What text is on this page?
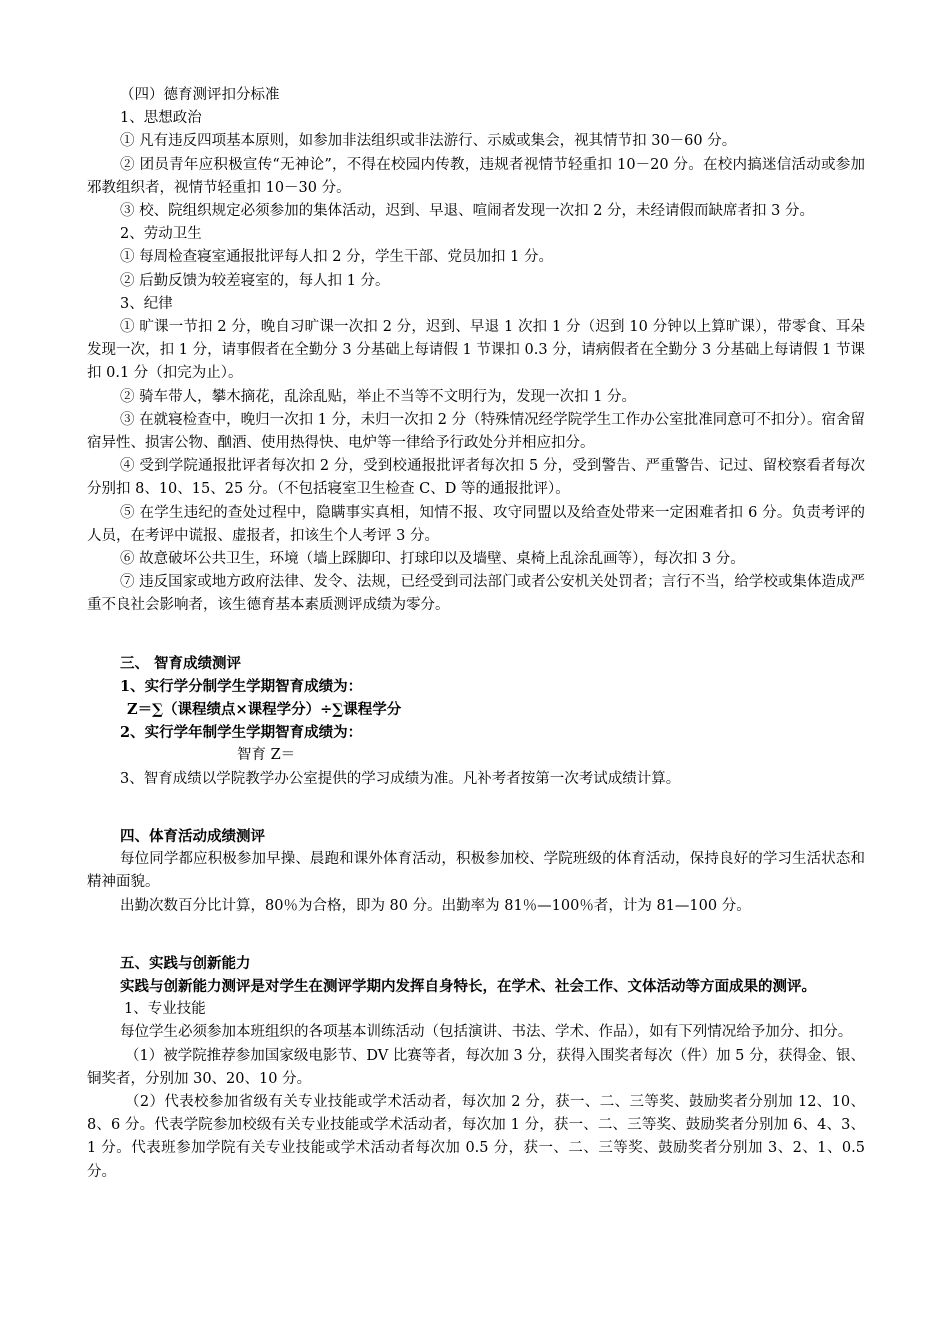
（四）德育测评扣分标准

1、思想政治

① 凡有违反四项基本原则，如参加非法组织或非法游行、示威或集会，视其情节扣 30－60 分。

② 团员青年应积极宣传“无神论”，不得在校园内传教，违规者视情节轻重扣 10－20 分。在校内搞迷信活动或参加邪教组织者，视情节轻重扣 10－30 分。

③ 校、院组织规定必须参加的集体活动，迟到、早退、喧闹者发现一次扣 2 分，未经请假而缺席者扣 3 分。

2、劳动卫生

① 每周检查寝室通报批评每人扣 2 分，学生干部、党员加扣 1 分。

② 后勤反馈为较差寝室的，每人扣 1 分。

3、纪律

① 旷课一节扣 2 分，晚自习旷课一次扣 2 分，迟到、早退 1 次扣 1 分（迟到 10 分钟以上算旷课），带零食、耳朵发现一次，扣 1 分，请事假者在全勤分 3 分基础上每请假 1 节课扣 0.3 分，请病假者在全勤分 3 分基础上每请假 1 节课扣 0.1 分（扣完为止）。

② 骑车带人，攀木摘花，乱涂乱贴，举止不当等不文明行为，发现一次扣 1 分。

③ 在就寝检查中，晚归一次扣 1 分，未归一次扣 2 分（特殊情况经学院学生工作办公室批准同意可不扣分）。宿舍留宿异性、损害公物、酗酒、使用热得快、电炉等一律给予行政处分并相应扣分。

④ 受到学院通报批评者每次扣 2 分，受到校通报批评者每次扣 5 分，受到警告、严重警告、记过、留校察看者每次分别扣 8、10、15、25 分。（不包括寝室卫生检查 C、D 等的通报批评）。

⑤ 在学生违纪的查处过程中，隐瞒事实真相，知情不报、攻守同盟以及给查处带来一定困难者扣 6 分。负责考评的人员，在考评中谎报、虚报者，扣该生个人考评 3 分。

⑥ 故意破坏公共卫生，环境（墙上踩脚印、打球印以及墙壁、桌椅上乱涂乱画等），每次扣 3 分。

⑦ 违反国家或地方政府法律、发令、法规，已经受到司法部门或者公安机关处罚者；言行不当，给学校或集体造成严重不良社会影响者，该生德育基本素质测评成绩为零分。

三、 智育成绩测评

1、实行学分制学生学期智育成绩为：

Z＝∑（课程绩点×课程学分）÷∑课程学分

2、实行学年制学生学期智育成绩为：

智育 Z＝

3、智育成绩以学院教学办公室提供的学习成绩为准。凡补考者按第一次考试成绩计算。

四、体育活动成绩测评

每位同学都应积极参加早操、晨跑和课外体育活动，积极参加校、学院班级的体育活动，保持良好的学习生活状态和精神面貌。

出勤次数百分比计算，80％为合格，即为 80 分。出勤率为 81％—100％者，计为 81—100 分。

五、实践与创新能力

实践与创新能力测评是对学生在测评学期内发挥自身特长，在学术、社会工作、文体活动等方面成果的测评。

1、专业技能

每位学生必须参加本班组织的各项基本训练活动（包括演讲、书法、学术、作品），如有下列情况给予加分、扣分。

（1）被学院推荐参加国家级电影节、DV 比赛等者，每次加 3 分，获得入围奖者每次（件）加 5 分，获得金、银、铜奖者，分别加 30、20、10 分。

（2）代表校参加省级有关专业技能或学术活动者，每次加 2 分，获一、二、三等奖、鼓励奖者分别加 12、10、8、6 分。代表学院参加校级有关专业技能或学术活动者，每次加 1 分，获一、二、三等奖、鼓励奖者分别加 6、4、3、1 分。代表班参加学院有关专业技能或学术活动者每次加 0.5 分，获一、二、三等奖、鼓励奖者分别加 3、2、1、0.5 分。
